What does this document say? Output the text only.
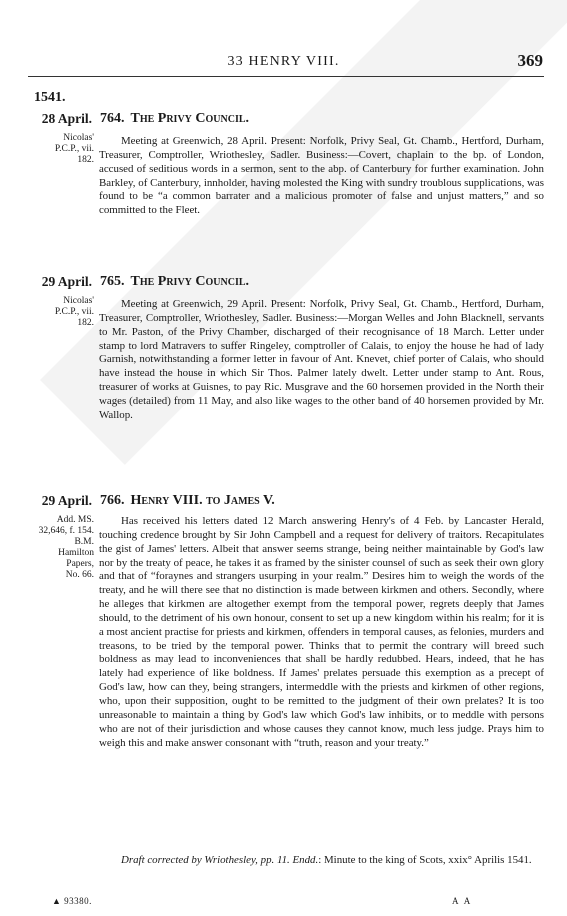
33 HENRY VIII.	369
1541.
28 April. 764. The Privy Council.
Nicolas'
P.C.P., vii.
182.

Meeting at Greenwich, 28 April. Present: Norfolk, Privy Seal, Gt. Chamb., Hertford, Durham, Treasurer, Comptroller, Wriothesley, Sadler. Business:—Covert, chaplain to the bp. of London, accused of seditious words in a sermon, sent to the abp. of Canterbury for further examination. John Barkley, of Canterbury, innholder, having molested the King with sundry troublous supplications, was found to be “a common barrater and a malicious promoter of false and unjust matters,” and so committed to the Fleet.

29 April. 765. The Privy Council.
Nicolas'
P.C.P., vii.
182.

Meeting at Greenwich, 29 April. Present: Norfolk, Privy Seal, Gt. Chamb., Hertford, Durham, Treasurer, Comptroller, Wriothesley, Sadler. Business:—Morgan Welles and John Blacknell, servants to Mr. Paston, of the Privy Chamber, discharged of their recognisance of 18 March. Letter under stamp to lord Matravers to suffer Ringeley, comptroller of Calais, to enjoy the house he had of lady Garnish, notwithstanding a former letter in favour of Ant. Knevet, chief porter of Calais, who should have instead the house in which Sir Thos. Palmer lately dwelt. Letter under stamp to Ant. Rous, treasurer of works at Guisnes, to pay Ric. Musgrave and the 60 horsemen provided in the North their wages (detailed) from 11 May, and also like wages to the other band of 40 horsemen provided by Mr. Wallop.

29 April. 766. Henry VIII. to James V.
Add. MS.
32,646, f. 154.
B.M.
Hamilton
Papers,
No. 66.

Has received his letters dated 12 March answering Henry's of 4 Feb. by Lancaster Herald, touching credence brought by Sir John Campbell and a request for delivery of traitors. Recapitulates the gist of James' letters. Albeit that answer seems strange, being neither maintainable by God's law nor by the treaty of peace, he takes it as framed by the sinister counsel of such as seek their own glory and that of “foraynes and strangers usurping in your realm.” Desires him to weigh the words of the treaty, and he will there see that no distinction is made between kirkmen and others. Secondly, where he alleges that kirkmen are altogether exempt from the temporal power, regrets deeply that James should, to the detriment of his own honour, consent to set up a new kingdom within his realm; for it is a most ancient practise for priests and kirkmen, offenders in temporal causes, as felonies, murders and treasons, to be tried by the temporal power. Thinks that to permit the contrary will breed such boldness as may lead to inconveniences that shall be hardly redubbed. Hears, indeed, that he has lately had experience of like boldness. If James' prelates persuade this exemption as a precept of God's law, how can they, being strangers, intermeddle with the priests and kirkmen of other regions, who, upon their supposition, ought to be remitted to the judgment of their own prelates? It is too unreasonable to maintain a thing by God's law which God's law inhibits, or to meddle with persons who are not of their jurisdiction and whose causes they cannot know, much less judge. Prays him to weigh this and make answer consonant with “truth, reason and your treaty.”

Draft corrected by Wriothesley, pp. 11. Endd.: Minute to the king of Scots, xxix° Aprilis 1541.

▲ 93380.	A A
